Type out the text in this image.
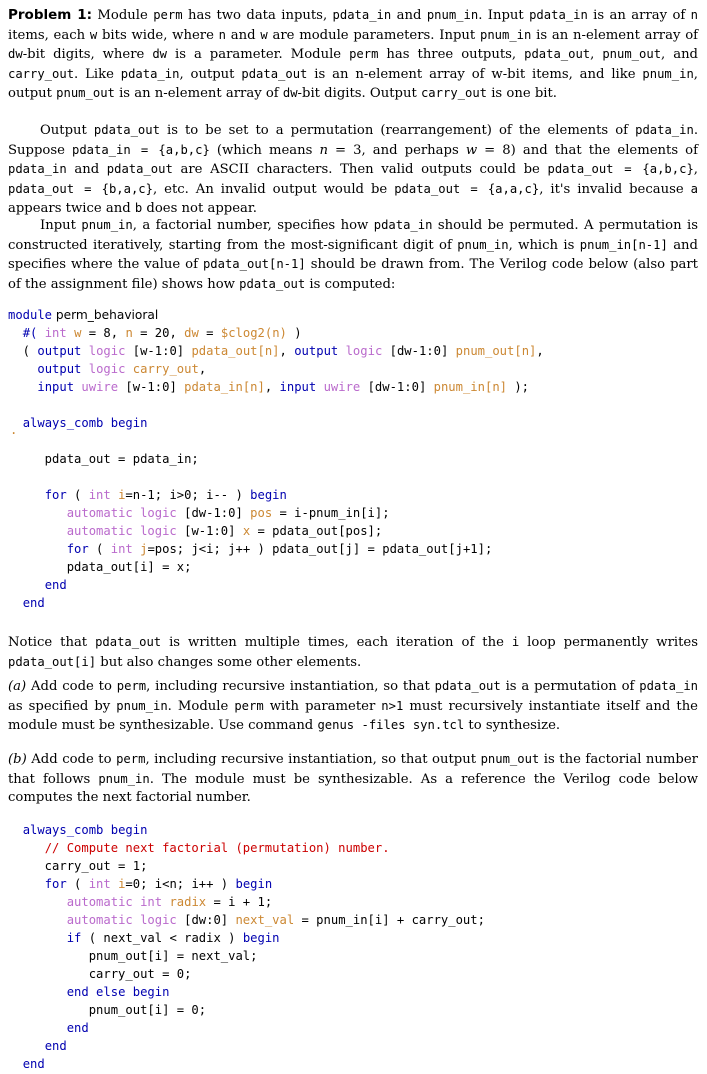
Problem 1: Module perm has two data inputs, pdata_in and pnum_in. Input pdata_in is an array of n items, each w bits wide, where n and w are module parameters. Input pnum_in is an n-element array of dw-bit digits, where dw is a parameter. Module perm has three outputs, pdata_out, pnum_out, and carry_out. Like pdata_in, output pdata_out is an n-element array of w-bit items, and like pnum_in, output pnum_out is an n-element array of dw-bit digits. Output carry_out is one bit.
Output pdata_out is to be set to a permutation (rearrangement) of the elements of pdata_in. Suppose pdata_in = {a,b,c} (which means n = 3, and perhaps w = 8) and that the elements of pdata_in and pdata_out are ASCII characters. Then valid outputs could be pdata_out = {a,b,c}, pdata_out = {b,a,c}, etc. An invalid output would be pdata_out = {a,a,c}, it's invalid because a appears twice and b does not appear.
Input pnum_in, a factorial number, specifies how pdata_in should be permuted. A permutation is constructed iteratively, starting from the most-significant digit of pnum_in, which is pnum_in[n-1] and specifies where the value of pdata_out[n-1] should be drawn from. The Verilog code below (also part of the assignment file) shows how pdata_out is computed:
module perm_behavioral
#( int w = 8, n = 20, dw = $clog2(n) )
( output logic [w-1:0] pdata_out[n], output logic [dw-1:0] pnum_out[n],
output logic carry_out,
input uwire [w-1:0] pdata_in[n], input uwire [dw-1:0] pnum_in[n] );
always_comb begin
pdata_out = pdata_in;
for ( int i=n-1; i>0; i-- ) begin
automatic logic [dw-1:0] pos = i-pnum_in[i];
automatic logic [w-1:0] x = pdata_out[pos];
for ( int j=pos; j<i; j++ ) pdata_out[j] = pdata_out[j+1];
pdata_out[i] = x;
end
end
.
Notice that pdata_out is written multiple times, each iteration of the i loop permanently writes pdata_out[i] but also changes some other elements.
(a) Add code to perm, including recursive instantiation, so that pdata_out is a permutation of pdata_in as specified by pnum_in. Module perm with parameter n>1 must recursively instantiate itself and the module must be synthesizable. Use command genus -files syn.tcl to synthesize.
(b) Add code to perm, including recursive instantiation, so that output pnum_out is the factorial number that follows pnum_in. The module must be synthesizable. As a reference the Verilog code below computes the next factorial number.
always_comb begin
// Compute next factorial (permutation) number.
carry_out = 1;
for ( int i=0; i<n; i++ ) begin
automatic int radix = i + 1;
automatic logic [dw:0] next_val = pnum_in[i] + carry_out;
if ( next_val < radix ) begin
pnum_out[i] = next_val;
carry_out = 0;
end else begin
pnum_out[i] = 0;
end
end
end
